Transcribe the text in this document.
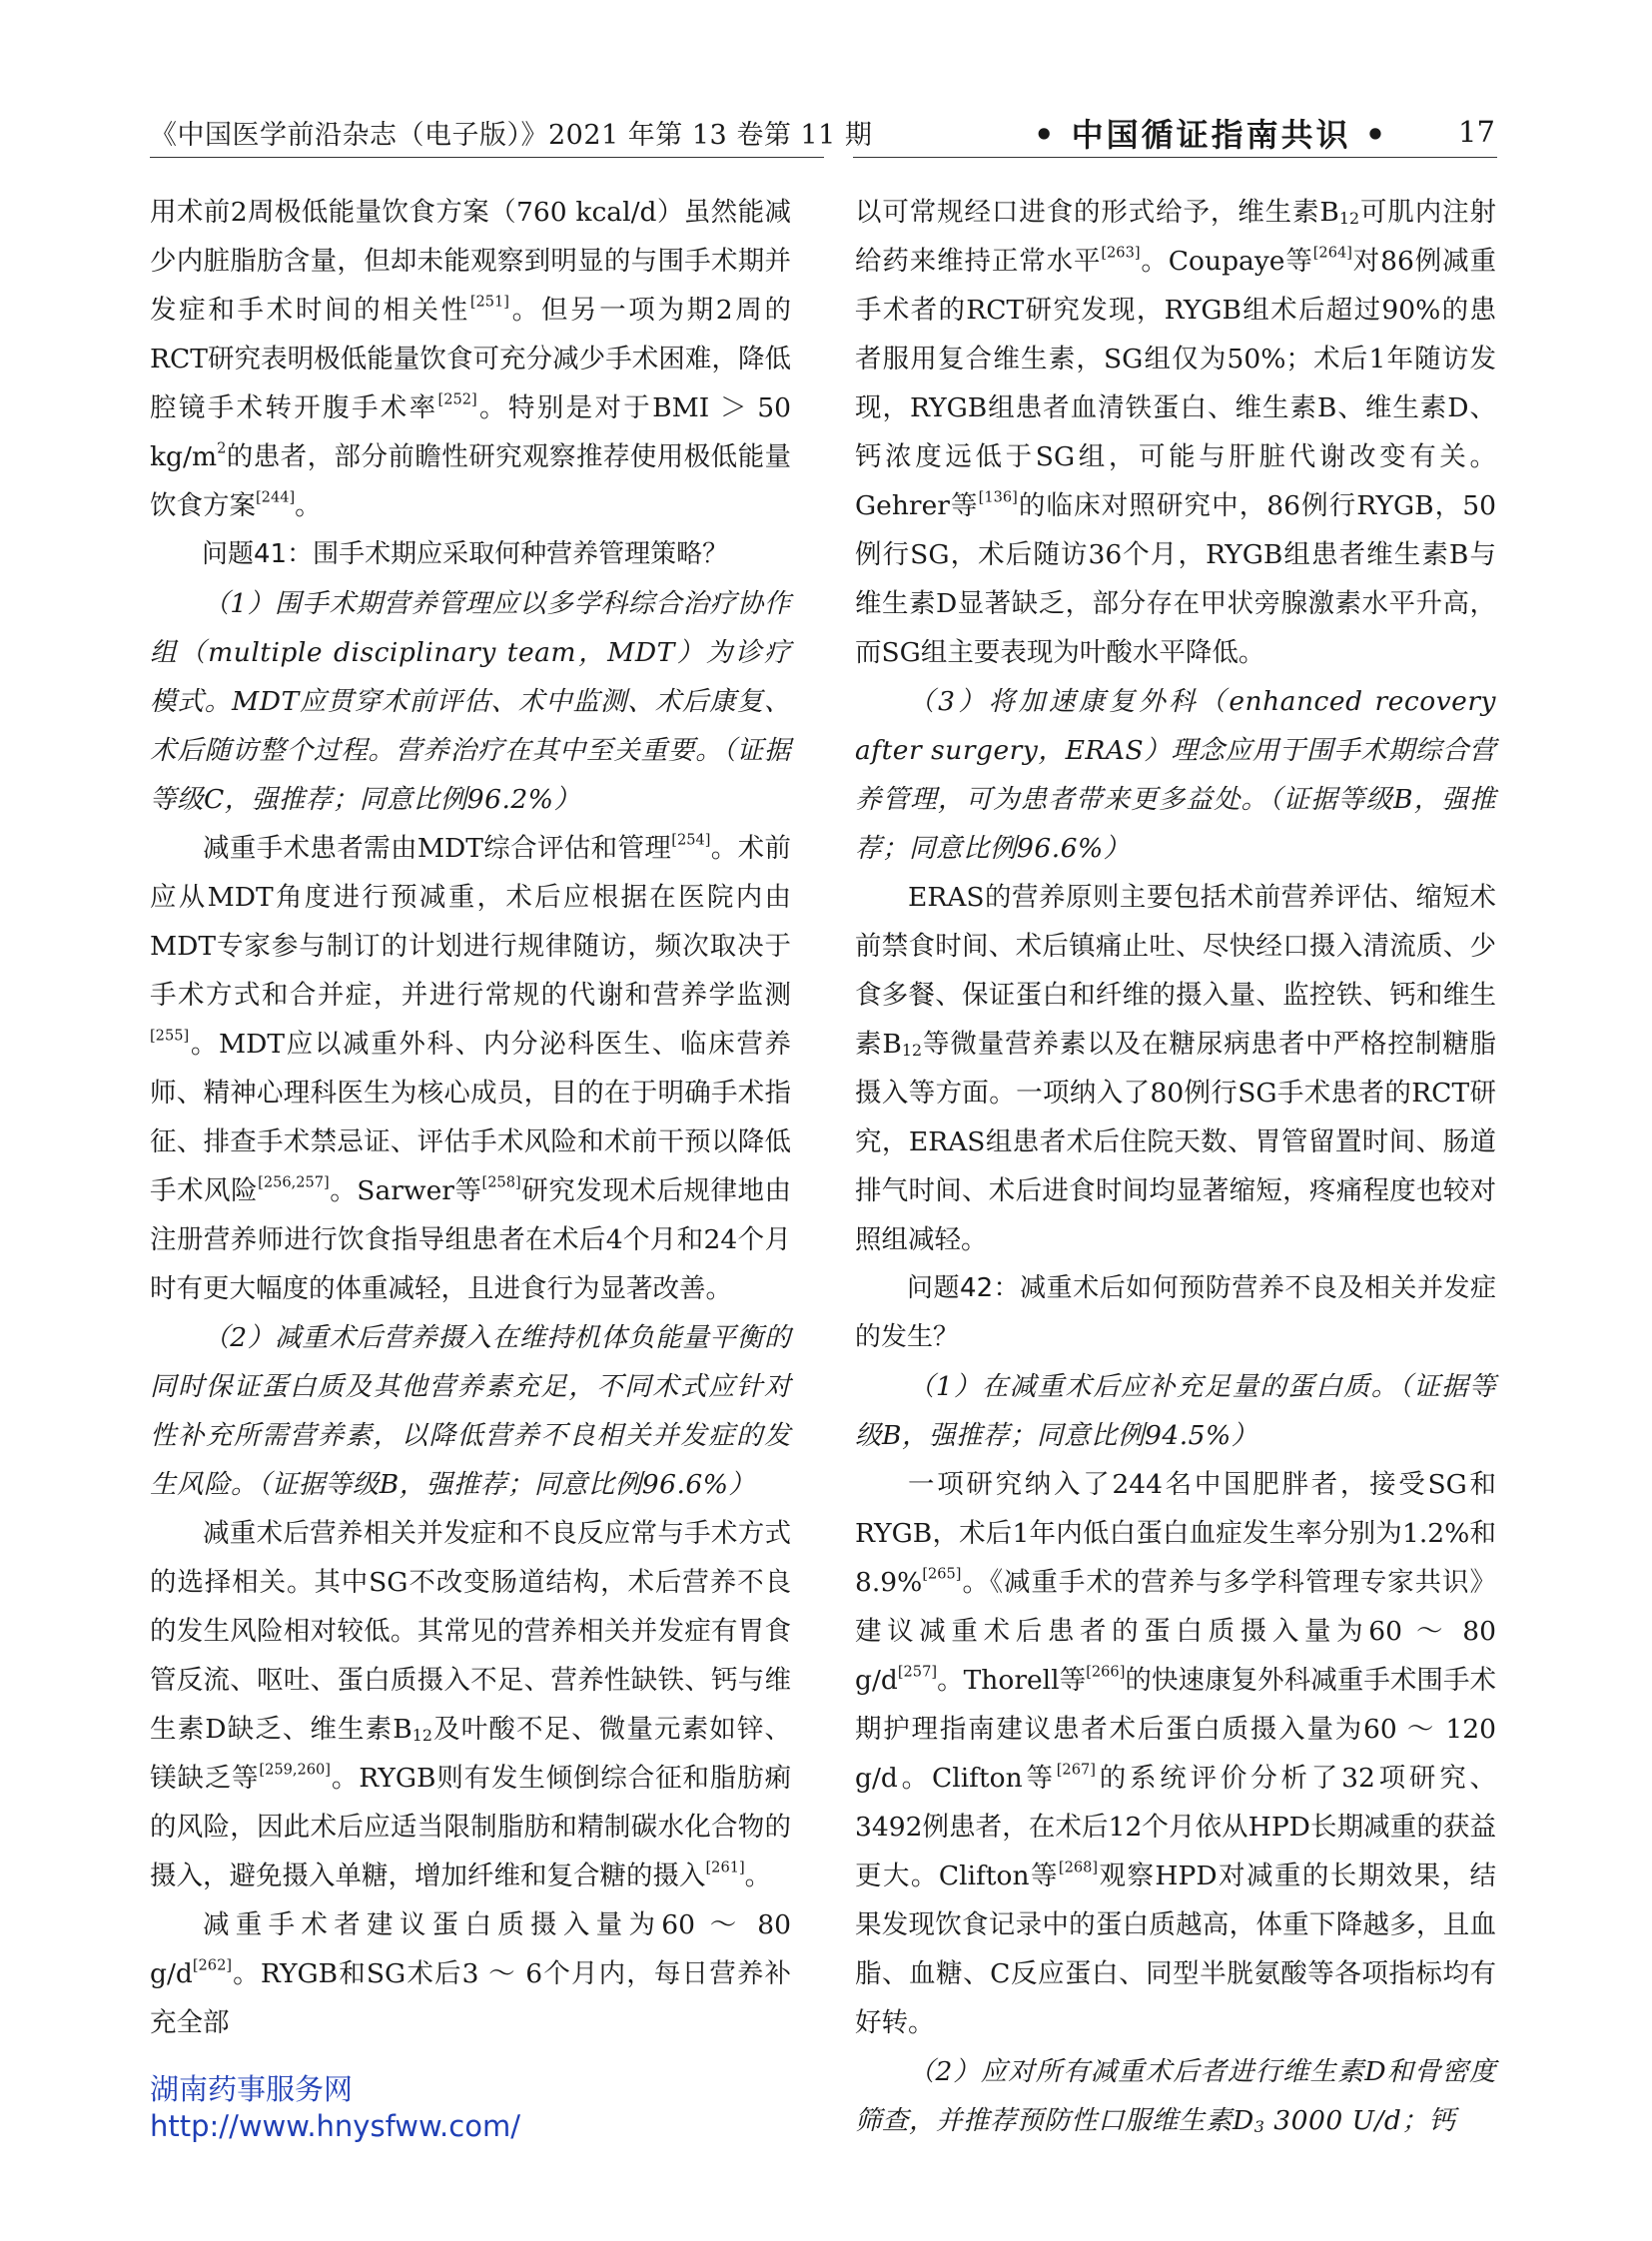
《中国医学前沿杂志（电子版）》2021 年第 13 卷第 11 期	• 中国循证指南共识 • 17

用术前2周极低能量饮食方案（760 kcal/d）虽然能减少内脏脂肪含量，但却未能观察到明显的与围手术期并发症和手术时间的相关性[251]。但另一项为期2周的RCT研究表明极低能量饮食可充分减少手术困难，降低腔镜手术转开腹手术率[252]。特别是对于BMI ＞ 50 $kg/m^2$的患者，部分前瞻性研究观察推荐使用极低能量饮食方案[244]。

问题41：围手术期应采取何种营养管理策略？

（1）围手术期营养管理应以多学科综合治疗协作组（multiple disciplinary team，MDT）为诊疗模式。MDT应贯穿术前评估、术中监测、术后康复、术后随访整个过程。营养治疗在其中至关重要。（证据等级C，强推荐；同意比例96.2%）

减重手术患者需由MDT综合评估和管理[254]。术前应从MDT角度进行预减重，术后应根据在医院内由MDT专家参与制订的计划进行规律随访，频次取决于手术方式和合并症，并进行常规的代谢和营养学监测[255]。MDT应以减重外科、内分泌科医生、临床营养师、精神心理科医生为核心成员，目的在于明确手术指征、排查手术禁忌证、评估手术风险和术前干预以降低手术风险[256,257]。Sarwer等[258]研究发现术后规律地由注册营养师进行饮食指导组患者在术后4个月和24个月时有更大幅度的体重减轻，且进食行为显著改善。

（2）减重术后营养摄入在维持机体负能量平衡的同时保证蛋白质及其他营养素充足，不同术式应针对性补充所需营养素，以降低营养不良相关并发症的发生风险。（证据等级B，强推荐；同意比例96.6%）

减重术后营养相关并发症和不良反应常与手术方式的选择相关。其中SG不改变肠道结构，术后营养不良的发生风险相对较低。其常见的营养相关并发症有胃食管反流、呕吐、蛋白质摄入不足、营养性缺铁、钙与维生素D缺乏、维生素$B_{12}$及叶酸不足、微量元素如锌、镁缺乏等[259,260]。RYGB则有发生倾倒综合征和脂肪痢的风险，因此术后应适当限制脂肪和精制碳水化合物的摄入，避免摄入单糖，增加纤维和复合糖的摄入[261]。

减重手术者建议蛋白质摄入量为60 ～ 80 g/d[262]。RYGB和SG术后3 ～ 6个月内，每日营养补充全部

以可常规经口进食的形式给予，维生素$B_{12}$可肌内注射给药来维持正常水平[263]。Coupaye等[264]对86例减重手术者的RCT研究发现，RYGB组术后超过90%的患者服用复合维生素，SG组仅为50%；术后1年随访发现，RYGB组患者血清铁蛋白、维生素B、维生素D、钙浓度远低于SG组，可能与肝脏代谢改变有关。Gehrer等[136]的临床对照研究中，86例行RYGB，50例行SG，术后随访36个月，RYGB组患者维生素B与维生素D显著缺乏，部分存在甲状旁腺激素水平升高，而SG组主要表现为叶酸水平降低。

（3）将加速康复外科（enhanced recovery after surgery，ERAS）理念应用于围手术期综合营养管理，可为患者带来更多益处。（证据等级B，强推荐；同意比例96.6%）

ERAS的营养原则主要包括术前营养评估、缩短术前禁食时间、术后镇痛止吐、尽快经口摄入清流质、少食多餐、保证蛋白和纤维的摄入量、监控铁、钙和维生素$B_{12}$等微量营养素以及在糖尿病患者中严格控制糖脂摄入等方面。一项纳入了80例行SG手术患者的RCT研究，ERAS组患者术后住院天数、胃管留置时间、肠道排气时间、术后进食时间均显著缩短，疼痛程度也较对照组减轻。

问题42：减重术后如何预防营养不良及相关并发症的发生？

（1）在减重术后应补充足量的蛋白质。（证据等级B，强推荐；同意比例94.5%）

一项研究纳入了244名中国肥胖者，接受SG和RYGB，术后1年内低白蛋白血症发生率分别为1.2%和8.9%[265]。《减重手术的营养与多学科管理专家共识》建议减重术后患者的蛋白质摄入量为60 ～ 80 g/d[257]。Thorell等[266]的快速康复外科减重手术围手术期护理指南建议患者术后蛋白质摄入量为60 ～ 120 g/d。Clifton等[267]的系统评价分析了32项研究、3492例患者，在术后12个月依从HPD长期减重的获益更大。Clifton等[268]观察HPD对减重的长期效果，结果发现饮食记录中的蛋白质越高，体重下降越多，且血脂、血糖、C反应蛋白、同型半胱氨酸等各项指标均有好转。

（2）应对所有减重术后者进行维生素D和骨密度筛查，并推荐预防性口服维生素$D_3$ 3000 U/d；钙

湖南药事服务网
http://www.hnysfww.com/
